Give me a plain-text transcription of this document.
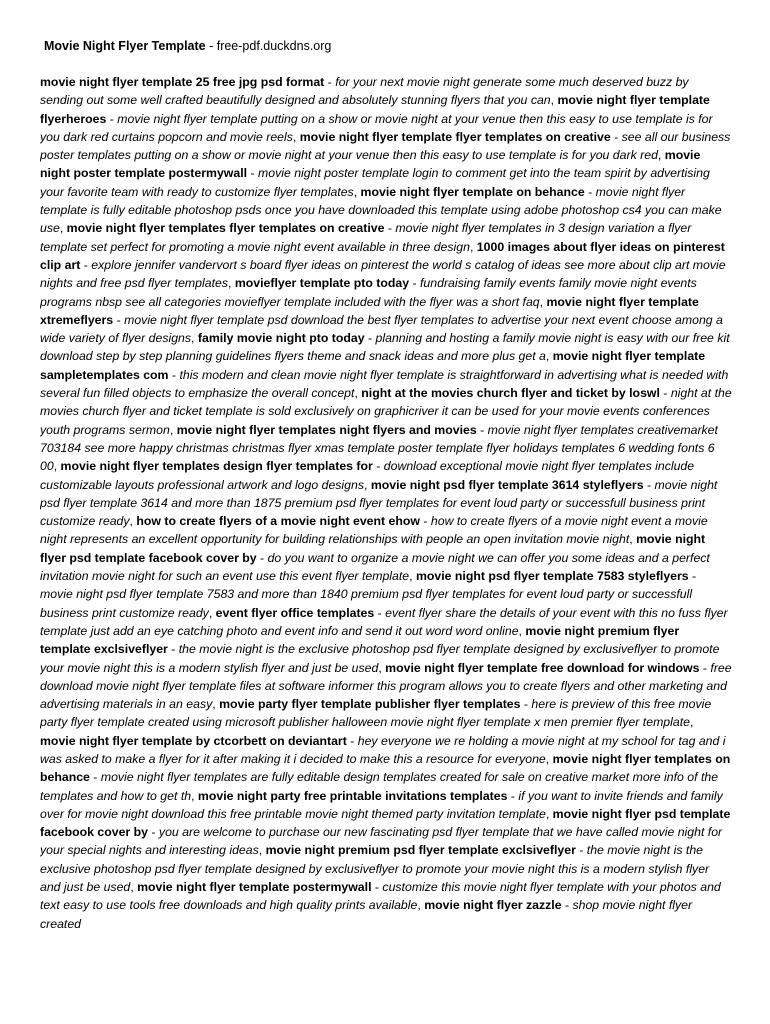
Movie Night Flyer Template - free-pdf.duckdns.org
movie night flyer template 25 free jpg psd format - for your next movie night generate some much deserved buzz by sending out some well crafted beautifully designed and absolutely stunning flyers that you can, movie night flyer template flyerheroes - movie night flyer template putting on a show or movie night at your venue then this easy to use template is for you dark red curtains popcorn and movie reels, movie night flyer template flyer templates on creative - see all our business poster templates putting on a show or movie night at your venue then this easy to use template is for you dark red, movie night poster template postermywall - movie night poster template login to comment get into the team spirit by advertising your favorite team with ready to customize flyer templates, movie night flyer template on behance - movie night flyer template is fully editable photoshop psds once you have downloaded this template using adobe photoshop cs4 you can make use, movie night flyer templates flyer templates on creative - movie night flyer templates in 3 design variation a flyer template set perfect for promoting a movie night event available in three design, 1000 images about flyer ideas on pinterest clip art - explore jennifer vandervort s board flyer ideas on pinterest the world s catalog of ideas see more about clip art movie nights and free psd flyer templates, movieflyer template pto today - fundraising family events family movie night events programs nbsp see all categories movieflyer template included with the flyer was a short faq, movie night flyer template xtremeflyers - movie night flyer template psd download the best flyer templates to advertise your next event choose among a wide variety of flyer designs, family movie night pto today - planning and hosting a family movie night is easy with our free kit download step by step planning guidelines flyers theme and snack ideas and more plus get a, movie night flyer template sampletemplates com - this modern and clean movie night flyer template is straightforward in advertising what is needed with several fun filled objects to emphasize the overall concept, night at the movies church flyer and ticket by loswl - night at the movies church flyer and ticket template is sold exclusively on graphicriver it can be used for your movie events conferences youth programs sermon, movie night flyer templates night flyers and movies - movie night flyer templates creativemarket 703184 see more happy christmas christmas flyer xmas template poster template flyer holidays templates 6 wedding fonts 6 00, movie night flyer templates design flyer templates for - download exceptional movie night flyer templates include customizable layouts professional artwork and logo designs, movie night psd flyer template 3614 styleflyers - movie night psd flyer template 3614 and more than 1875 premium psd flyer templates for event loud party or successfull business print customize ready, how to create flyers of a movie night event ehow - how to create flyers of a movie night event a movie night represents an excellent opportunity for building relationships with people an open invitation movie night, movie night flyer psd template facebook cover by - do you want to organize a movie night we can offer you some ideas and a perfect invitation movie night for such an event use this event flyer template, movie night psd flyer template 7583 styleflyers - movie night psd flyer template 7583 and more than 1840 premium psd flyer templates for event loud party or successfull business print customize ready, event flyer office templates - event flyer share the details of your event with this no fuss flyer template just add an eye catching photo and event info and send it out word word online, movie night premium flyer template exclsiveflyer - the movie night is the exclusive photoshop psd flyer template designed by exclusiveflyer to promote your movie night this is a modern stylish flyer and just be used, movie night flyer template free download for windows - free download movie night flyer template files at software informer this program allows you to create flyers and other marketing and advertising materials in an easy, movie party flyer template publisher flyer templates - here is preview of this free movie party flyer template created using microsoft publisher halloween movie night flyer template x men premier flyer template, movie night flyer template by ctcorbett on deviantart - hey everyone we re holding a movie night at my school for tag and i was asked to make a flyer for it after making it i decided to make this a resource for everyone, movie night flyer templates on behance - movie night flyer templates are fully editable design templates created for sale on creative market more info of the templates and how to get th, movie night party free printable invitations templates - if you want to invite friends and family over for movie night download this free printable movie night themed party invitation template, movie night flyer psd template facebook cover by - you are welcome to purchase our new fascinating psd flyer template that we have called movie night for your special nights and interesting ideas, movie night premium psd flyer template exclsiveflyer - the movie night is the exclusive photoshop psd flyer template designed by exclusiveflyer to promote your movie night this is a modern stylish flyer and just be used, movie night flyer template postermywall - customize this movie night flyer template with your photos and text easy to use tools free downloads and high quality prints available, movie night flyer zazzle - shop movie night flyer created
